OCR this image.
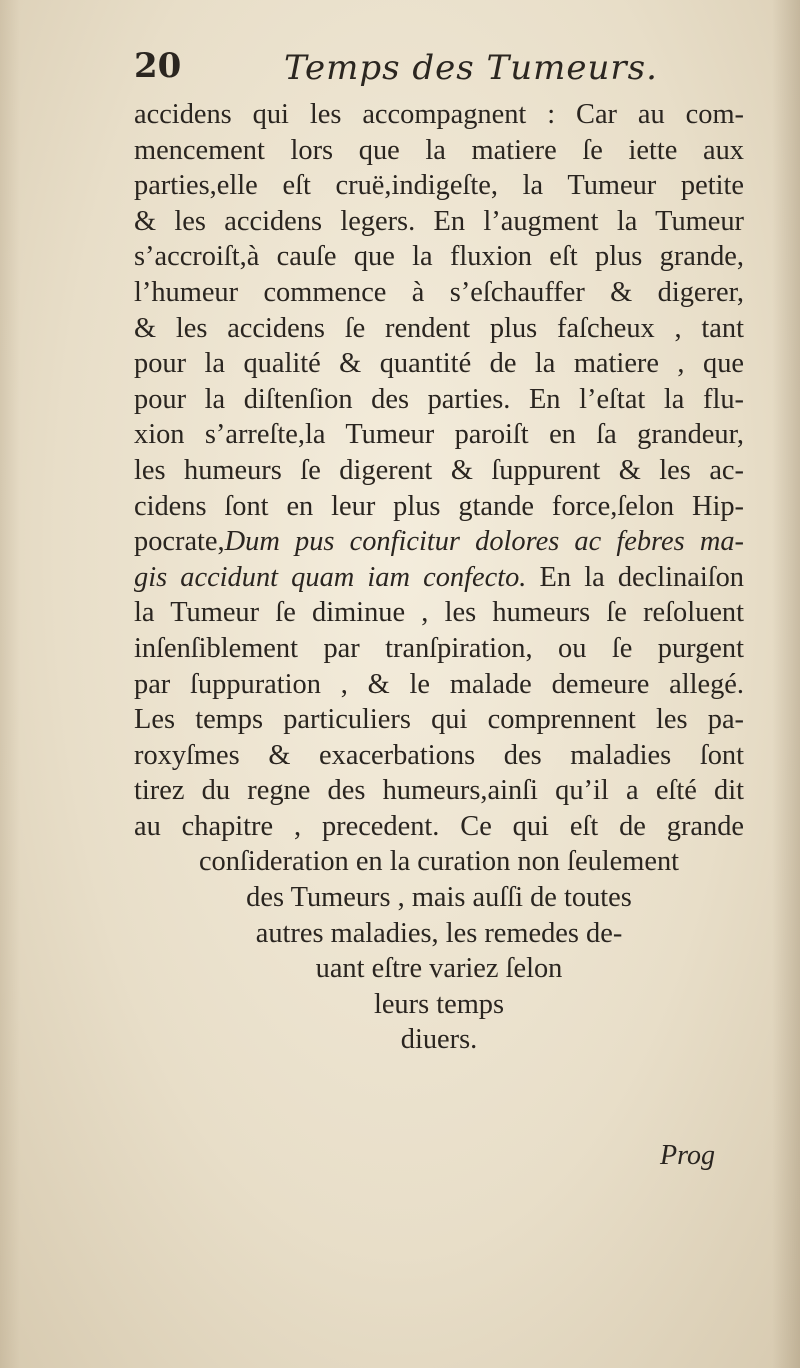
20	Temps des Tumeurs.
accidens qui les accompagnent : Car au com-
mencement lors que la matiere ſe iette aux
parties,elle eſt cruë,indigeſte, la Tumeur petite
& les accidens legers. En l’augment la Tumeur
s’accroiſt,à cauſe que la fluxion eſt plus grande,
l’humeur commence à s’eſchauffer & digerer,
& les accidens ſe rendent plus faſcheux , tant
pour la qualité & quantité de la matiere , que
pour la diſtenſion des parties. En l’eſtat la flu-
xion s’arreſte,la Tumeur paroiſt en ſa grandeur,
les humeurs ſe digerent & ſuppurent & les ac-
cidens ſont en leur plus gtande force,ſelon Hip-
pocrate,Dum pus conficitur dolores ac febres ma-
gis accidunt quam iam confecto. En la declinaiſon
la Tumeur ſe diminue , les humeurs ſe reſoluent
inſenſiblement par tranſpiration, ou ſe purgent
par ſuppuration , & le malade demeure allegé.
Les temps particuliers qui comprennent les pa-
roxyſmes & exacerbations des maladies ſont
tirez du regne des humeurs,ainſi qu’il a eſté dit
au chapitre , precedent. Ce qui eſt de grande
conſideration en la curation non ſeulement
des Tumeurs , mais auſſi de toutes
autres maladies, les remedes de-
uant eſtre variez ſelon
leurs temps
diuers.
Prog
